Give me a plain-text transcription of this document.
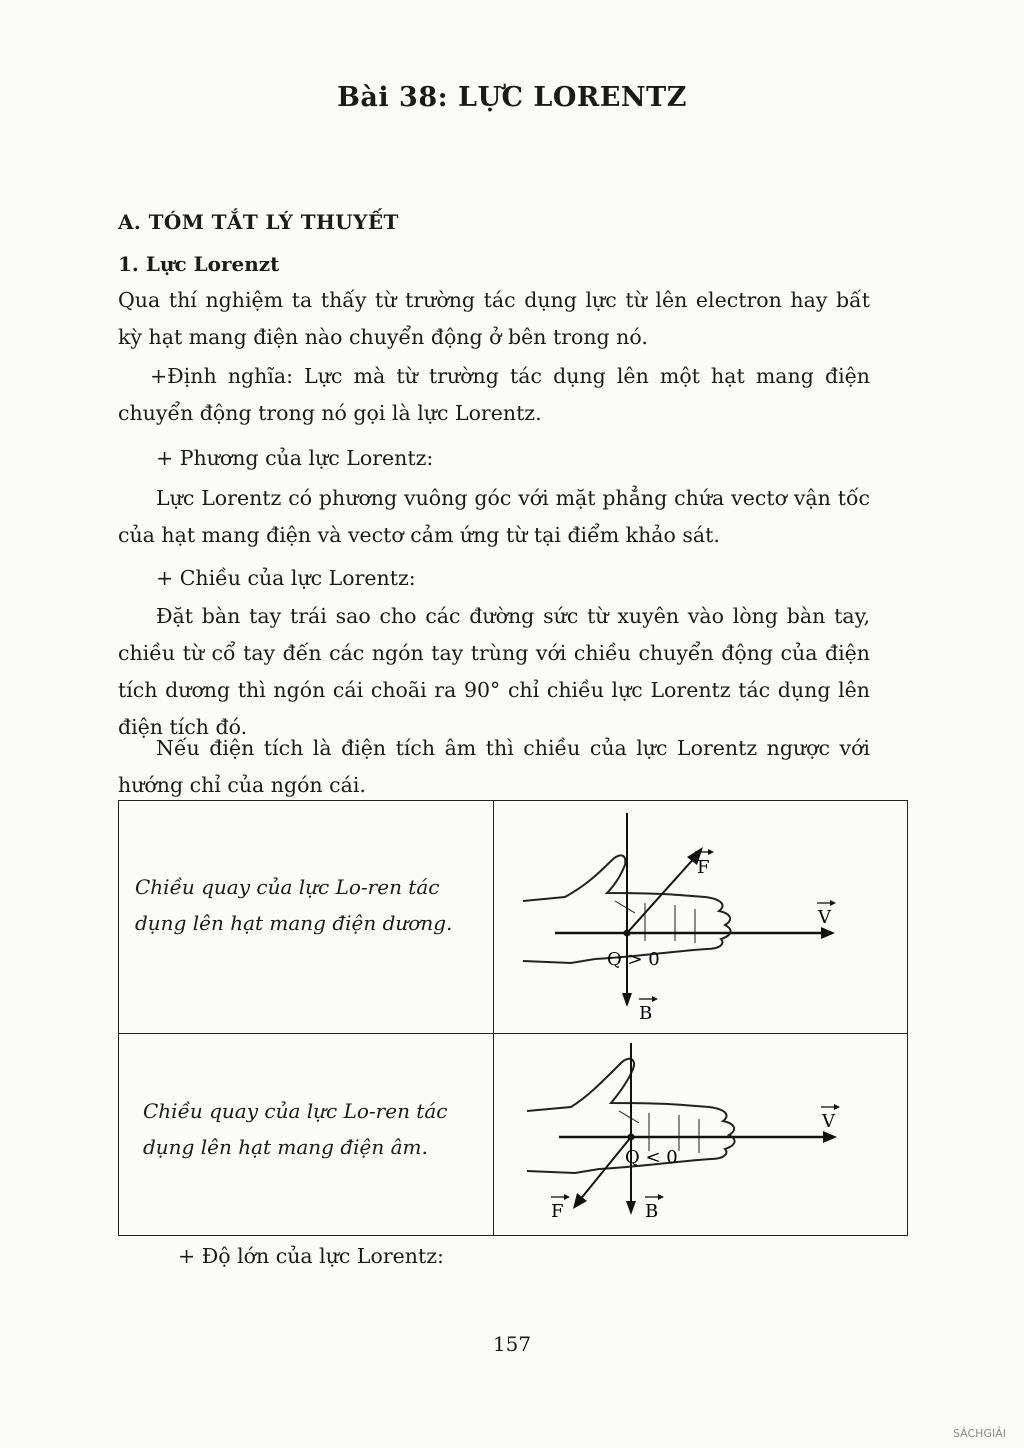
Bài 38: LỰC LORENTZ
A. TÓM TẮT LÝ THUYẾT
1. Lực Lorenzt

Qua thí nghiệm ta thấy từ trường tác dụng lực từ lên electron hay bất kỳ hạt mang điện nào chuyển động ở bên trong nó.

+Định nghĩa: Lực mà từ trường tác dụng lên một hạt mang điện chuyển động trong nó gọi là lực Lorentz.

+ Phương của lực Lorentz:

Lực Lorentz có phương vuông góc với mặt phẳng chứa vectơ vận tốc của hạt mang điện và vectơ cảm ứng từ tại điểm khảo sát.

+ Chiều của lực Lorentz:

Đặt bàn tay trái sao cho các đường sức từ xuyên vào lòng bàn tay, chiều từ cổ tay đến các ngón tay trùng với chiều chuyển động của điện tích dương thì ngón cái choãi ra 90° chỉ chiều lực Lorentz tác dụng lên điện tích đó.

Nếu điện tích là điện tích âm thì chiều của lực Lorentz ngược với hướng chỉ của ngón cái.

Chiều quay của lực Lo-ren tác dụng lên hạt mang điện dương.
F
V
B
Q > 0
Chiều quay của lực Lo-ren tác dụng lên hạt mang điện âm.
V
F	B
Q < 0
+ Độ lớn của lực Lorentz:
157
SÁCHGIẢI
